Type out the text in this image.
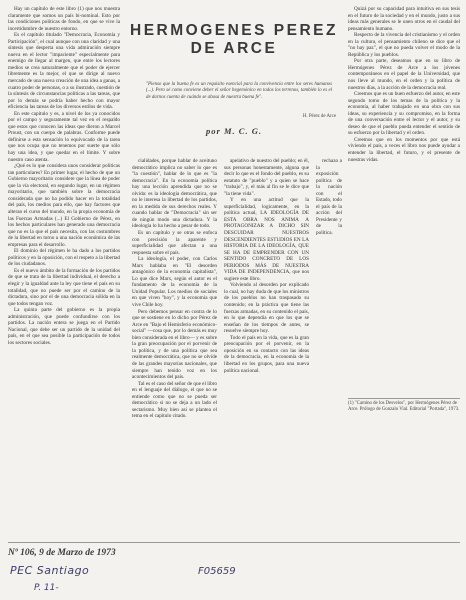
Hay un capítulo de este libro (1) que nos muestra claramente que somos un país bi-nominal. Esto por las condiciones políticas de fondo, en que se vive la incertidumbre de nuestro entorno.

Es el capítulo titulado "Democracia, Economía y Participación", el cual aunque con una claridad y una síntesis que desperta una vida admiración siempre nueva en el lector "impaciente" especialmente para enemigo de llegar al margen, que entre los lectores medios se crea naturalmente que el poder de ejercer libremente es la mejor, el que se dirige al nuevo mercado de una nueva creación de una idea a ganas, a cuatro poder de personas, o a su ilustrado, cuestión de la síntesis de circunstancias políticas a las tareas, que por lo demás se podría haber hecho con mayor eficiencia las tareas de los diversos estilos de vida.

En este capítulo y es, a nivel de los ya conocidos por el campo y seguramente tal vez en el respaldo que estos que conocen las ideas que dieron a Marcel Proust, con un cuerpo de palabras. Conforme puede definirse a esta sensación lo equivocado de la tarea que nos ocupa que no tenemos por suerte que sólo hay una idea, y que quedar en el límite. Y sobre nuestro caso atenta.

¿Qué es lo que considera unos considerar políticas tan particulares? En primer lugar, el hecho de que un Gobierno mayoritario considere que la línea de poder que la vía electoral, en segundo lugar, en un régimen mayoritario, que también sobre la democracia considerada que no ha podido hacer en la totalidad del país, los medios para ello, que hay factores que alteran el curso del mundo, en la propia economía de las Fuerzas Armadas (...) El Gobierno de Pérez, en los hechos particulares han generado una democracia que no es la que el país necesita, con las costumbres de la libertad en torno a una nación económica de las empresas para el desarrollo.

El dominio del régimen le ha dado a los partidos políticos y en la oposición, con el respeto a la libertad de los ciudadanos.

Es el nuevo ámbito de la formación de los partidos de que se trata de la libertad individual, el derecho a elegir y la igualdad ante la ley que tiene el país en su totalidad, que no puede ser por el camino de la dictadura, sino por el de una democracia sólida en la que todos tengan voz.

La quinta parte del gobierno es la propia administración, que puede confundirse con los partidos. La nación entera se juega en el Partido Nacional, que debe ser un partido de la unidad del país, en el que sea posible la participación de todos los sectores sociales.

HERMOGENES PEREZ DE ARCE
"Pienso que la buena fe es un requisito esencial para la convivencia entre los seres humanos (...). Pero sé como conviene deber el señor hegemónico en todos los terrenos, también lo es el de darnos cuenta de cuándo se abusa de nuestra buena fe".
H. Pérez de Arce
por M. C. G.

cialidades, porque hablar de aceituno democrático implica no saber lo que es "la cuestión", hablar de lo que es "la democracia". En la economía política hay una lección aprendida que no se olvida: es la ideología democrática, que no le interesa la libertad de los partidos, en la medida de sus derechos reales. Y cuando hablar de "Democracia" sin ser de ningún modo una dictadura. Y la ideología lo ha hecho a pesar de todo.

Es un capítulo y se otras se enfoca con precisión la aparente y superficialidad que afectan a una respuesta sobre el país.

La ideología, el poder, con Carlos Marx hablaba en "El desorden antagónico de la economía capitalista", Lo que dice Marx, según el autor es el fundamento de la economía de la Unidad Popular. Los medios de sociales en que viven "hoy", y la economía que vive Chile hoy.

Pero debemos pensar en contra de lo que se sostiene en lo dicho por Pérez de Arce en "Bajo el Hemisferio económico-social" —cosa que, por lo demás es muy bien considerada en el libro— y es sobre la gran preocupación por el porvenir de la política, y de una política que sea realmente democrática, que no se olvide de las grandes mayorías nacionales, que siempre han tenido voz en los acontecimientos del país.

Tal es el caso del señor de que el libro en el lenguaje del diálogo, el que no se entiende como que no se pueda ser democrático si no se deja a un lado el sectarismo. Muy bien así se plantea el tema en el capítulo citado.

apelativo de nuestro del pueblo; en él, sus personas honestamente, alguna que decir lo que es el fondo del pueblo, es su estatuto de "pueblo" y a quien se hace "trabajo", y, el más al fin se le dice que "la tiene vida".

Y en una actitud que la superficialidad, logicamente, en la política actual, LA IDEOLOGÍA DE ESTA OBRA NOS ANIMA A PROTAGONIZAR A DICHO SIN DESCUIDAR NUESTROS DESCENDIENTES ESTUDIOS EN LA HISTORIA DE LA IDEOLOGÍA, QUE SE HA DE EMPRENDER CON UN SENTIDO CONCRETO DE LOS PERIODOS MÁS DE NUESTRA VIDA DE INDEPENDENCIA, que nos sugiere este libro.

Volviendo al desorden por explicado lo cual, no hay duda de que los ministros de los pueblos no han traspasado su contenido; en la práctica que tiene las fuerzas armadas, en su contenido el país, en lo que dependía en que los que se enseñan de los tiempos de antes, se resuelve siempre hoy.

Todo el país en la vida, que es la gran preocupación por el porvenir, en la oposición en su contacto con las ideas de la democracia, en la economía de la libertad en los grupos, para una nueva política nacional.

rechazo a la exposición política de la nación con el Estado, todo el país de la acción del Presidente y de la política.

Quizá por su capacidad para intuitiva en sus tesis en el futuro de la sociedad y en el mundo, justo a sus ideas más generales se le unen otros en el caudal del pensamiento humano.

Respecto de la vivencia del cristianismo y el orden en la cultura, el pensamiento chileno se dice que el "no hay paz", el que no pueda volver el modo de la República y los pueblos.

Por otra parte, deseamos que en su libro de Hermógenes Pérez de Arce a los jóvenes contemporáneos en el papel de la Universidad, que nos lleve al mundo, en el orden y la política de nuestros días, a la acción de la democracia real.

Creemos que es un buen esfuerzo del autor, en este segundo tomo de los temas de la política y la economía, al haber trabajado en una obra con sus ideas, su experiencia y su compromiso, en la forma de una conversación entre el lector y el autor, y su deseo de que el pueblo pueda entender el sentido de su esfuerzo por la libertad y el orden.

Creemos que en los momentos por que está viviendo el país, a veces el libro nos puede ayudar a entender la libertad, el futuro, y el presente de nuestras vidas.

(1) "Camino de los Desvelos", por Hermógenes Pérez de Arce. Prólogo de Gonzalo Vial. Editorial "Portada", 1973.
Nº 106, 9 de Marzo de 1973
PEC Santiago
P. 11-
F05659
